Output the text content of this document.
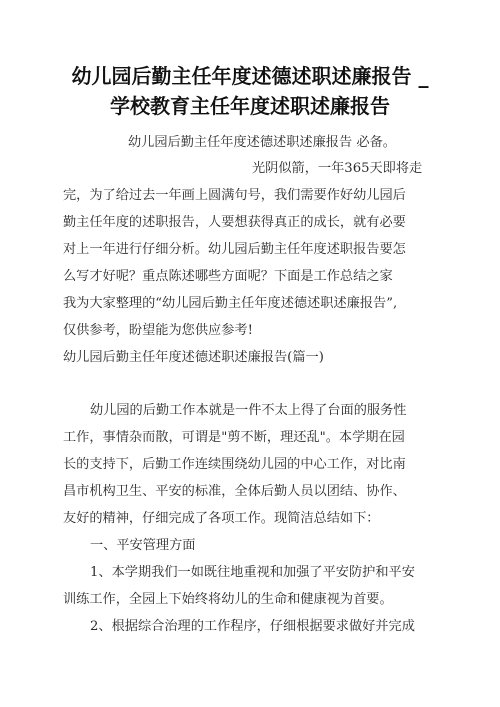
幼儿园后勤主任年度述德述职述廉报告 _
学校教育主任年度述职述廉报告
幼儿园后勤主任年度述德述职述廉报告 必备。
光阴似箭，一年365天即将走
完，为了给过去一年画上圆满句号，我们需要作好幼儿园后
勤主任年度的述职报告，人要想获得真正的成长，就有必要
对上一年进行仔细分析。幼儿园后勤主任年度述职报告要怎
么写才好呢？重点陈述哪些方面呢？下面是工作总结之家
我为大家整理的“幼儿园后勤主任年度述德述职述廉报告”,
仅供参考，盼望能为您供应参考!
幼儿园后勤主任年度述德述职述廉报告(篇一)
幼儿园的后勤工作本就是一件不太上得了台面的服务性
工作，事情杂而散，可谓是"剪不断，理还乱"。本学期在园
长的支持下，后勤工作连续围绕幼儿园的中心工作，对比南
昌市机构卫生、平安的标准，全体后勤人员以团结、协作、
友好的精神，仔细完成了各项工作。现简洁总结如下：
一、平安管理方面
1、本学期我们一如既往地重视和加强了平安防护和平安
训练工作，全园上下始终将幼儿的生命和健康视为首要。
2、根据综合治理的工作程序，仔细根据要求做好并完成
